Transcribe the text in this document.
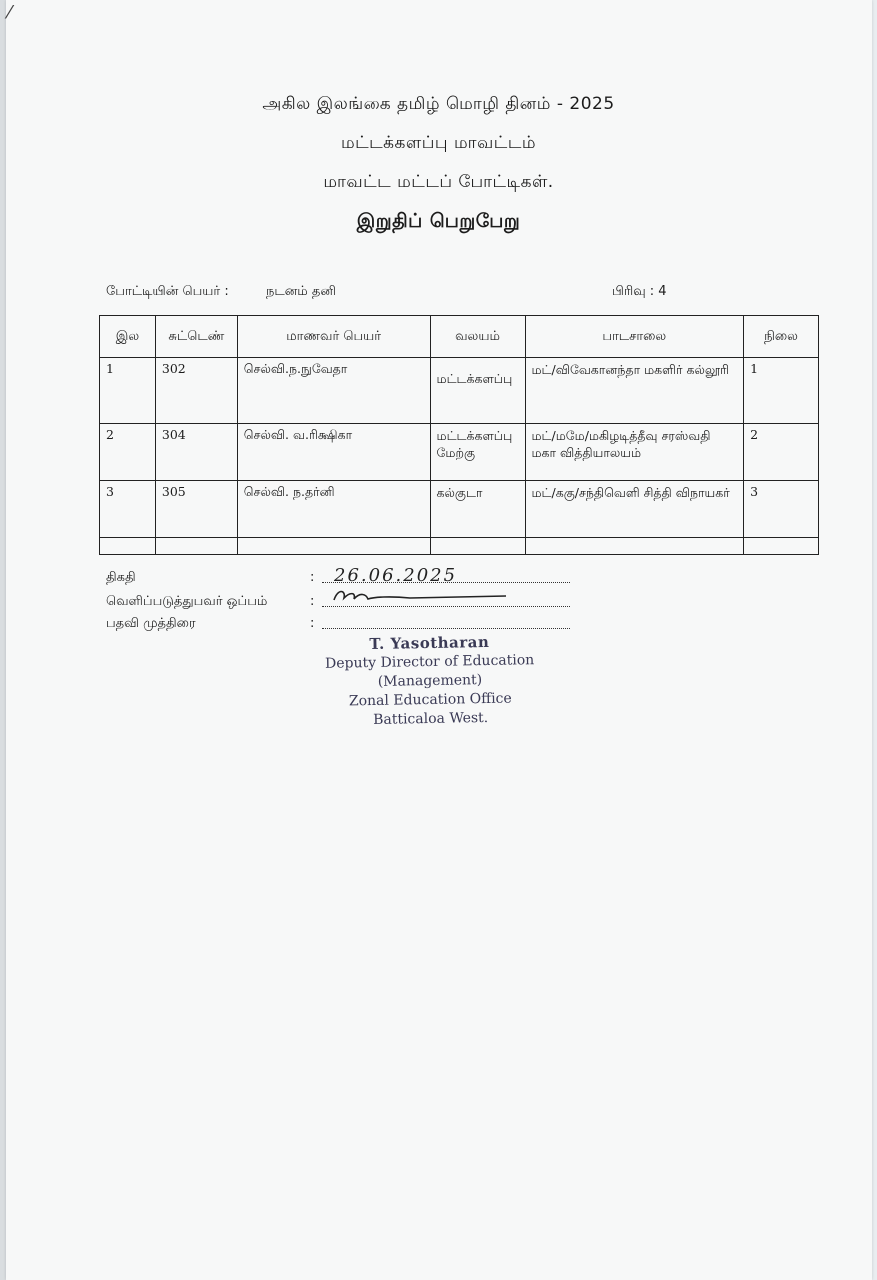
⁄
அகில இலங்கை தமிழ் மொழி தினம் - 2025
மட்டக்களப்பு மாவட்டம்
மாவட்ட மட்டப் போட்டிகள்.
இறுதிப் பெறுபேறு
போட்டியின் பெயர் :	நடனம் தனி	பிரிவு : 4
இல	சுட்டெண்	மாணவர் பெயர்	வலயம்	பாடசாலை	நிலை
1	302	செல்வி.ந.நுவேதா	மட்டக்களப்பு	மட்/விவேகானந்தா மகளிர் கல்லூரி	1
2	304	செல்வி. வ.ரிக்ஷிகா	மட்டக்களப்பு மேற்கு	மட்/மமே/மகிழடித்தீவு சரஸ்வதி மகா வித்தியாலயம்	2
3	305	செல்வி. ந.தர்னி	கல்குடா	மட்/ககு/சந்திவெளி சித்தி விநாயகர்	3

திகதி	: 26.06.2025
வெளிப்படுத்துபவர் ஒப்பம்	:
பதவி முத்திரை	:
T. Yasotharan
Deputy Director of Education
(Management)
Zonal Education Office
Batticaloa West.
